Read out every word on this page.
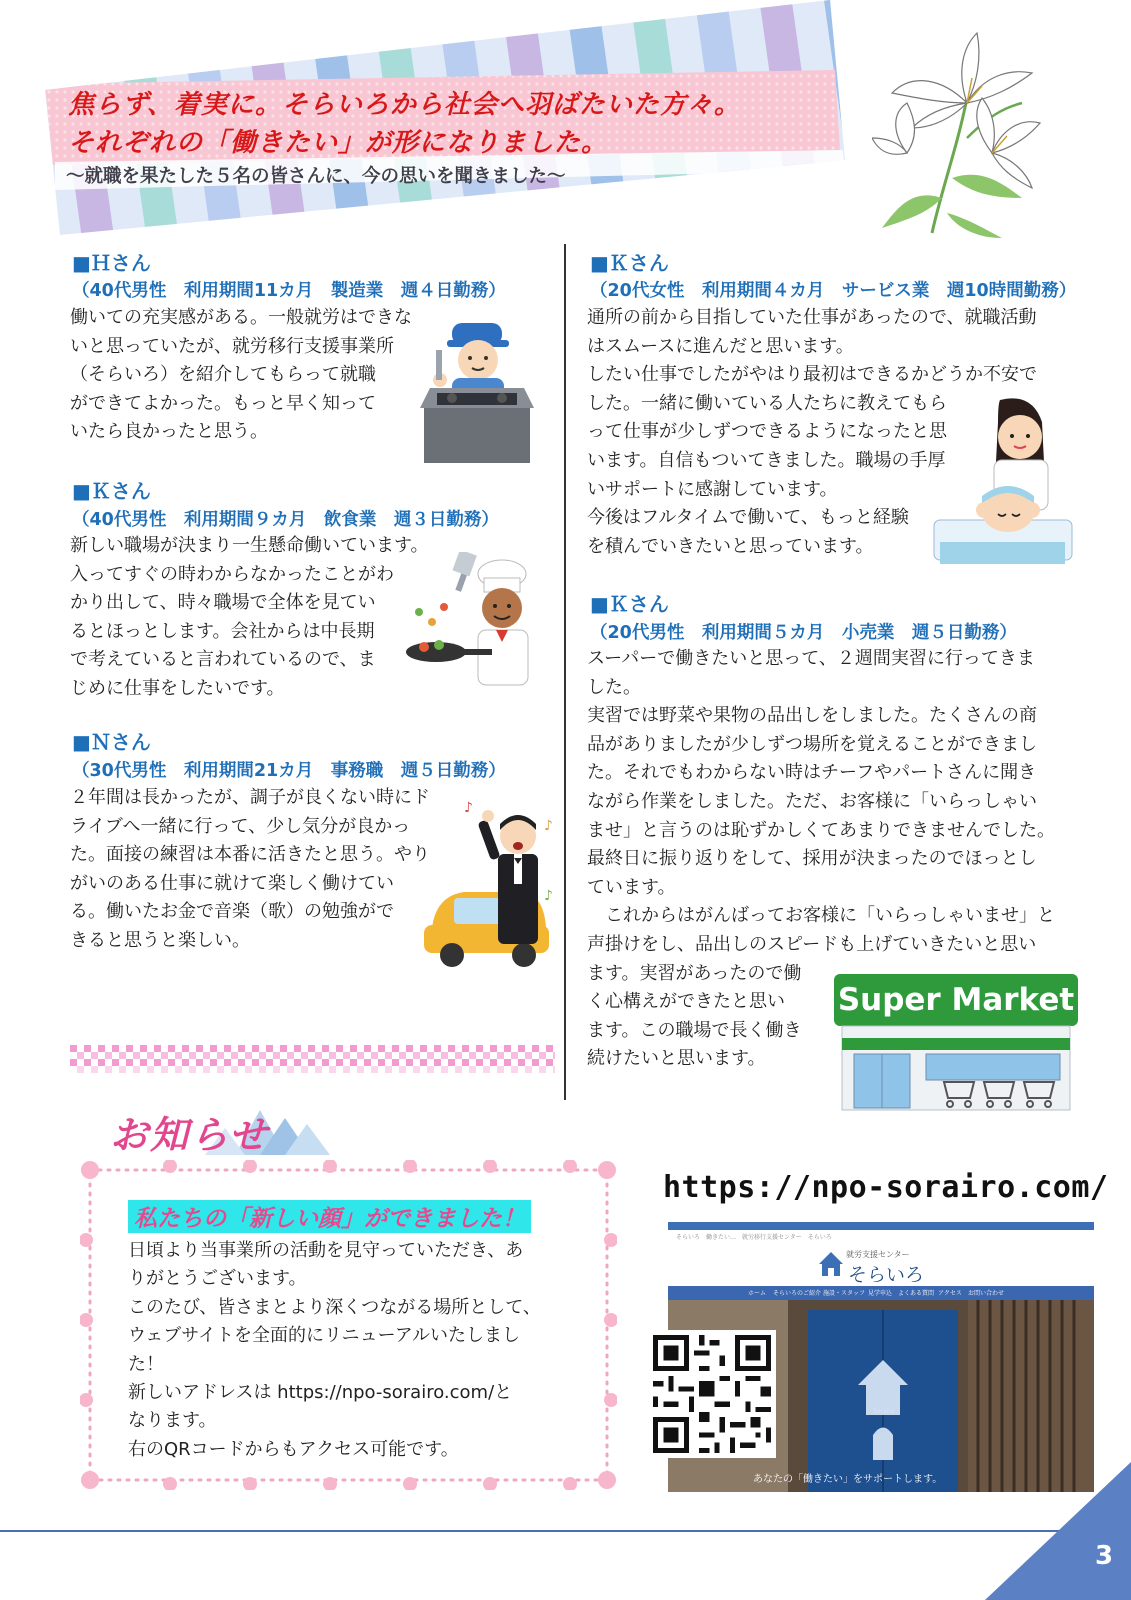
焦らず、着実に。そらいろから社会へ羽ばたいた方々。
それぞれの「働きたい」が形になりました。
～就職を果たした５名の皆さんに、今の思いを聞きました～
■Ｈさん
（40代男性　利用期間11カ月　製造業　週４日勤務）
働いての充実感がある。一般就労はできな
いと思っていたが、就労移行支援事業所
（そらいろ）を紹介してもらって就職
ができてよかった。もっと早く知って
いたら良かったと思う。
■Ｋさん
（40代男性　利用期間９カ月　飲食業　週３日勤務）
新しい職場が決まり一生懸命働いています。
入ってすぐの時わからなかったことがわ
かり出して、時々職場で全体を見てい
るとほっとします。会社からは中長期
で考えていると言われているので、ま
じめに仕事をしたいです。
■Ｎさん
（30代男性　利用期間21カ月　事務職　週５日勤務）
２年間は長かったが、調子が良くない時にド
ライブへ一緒に行って、少し気分が良かっ
た。面接の練習は本番に活きたと思う。やり
がいのある仕事に就けて楽しく働けてい
る。働いたお金で音楽（歌）の勉強がで
きると思うと楽しい。
♪
♪
♪
■Ｋさん
（20代女性　利用期間４カ月　サービス業　週10時間勤務）
通所の前から目指していた仕事があったので、就職活動
はスムースに進んだと思います。
したい仕事でしたがやはり最初はできるかどうか不安で
した。一緒に働いている人たちに教えてもら
って仕事が少しずつできるようになったと思
います。自信もついてきました。職場の手厚
いサポートに感謝しています。
今後はフルタイムで働いて、もっと経験
を積んでいきたいと思っています。
■Ｋさん
（20代男性　利用期間５カ月　小売業　週５日勤務）
スーパーで働きたいと思って、２週間実習に行ってきま
した。
実習では野菜や果物の品出しをしました。たくさんの商
品がありましたが少しずつ場所を覚えることができまし
た。それでもわからない時はチーフやパートさんに聞き
ながら作業をしました。ただ、お客様に「いらっしゃい
ませ」と言うのは恥ずかしくてあまりできませんでした。
最終日に振り返りをして、採用が決まったのでほっとし
ています。
　これからはがんばってお客様に「いらっしゃいませ」と
声掛けをし、品出しのスピードも上げていきたいと思い
ます。実習があったので働
く心構えができたと思い
ます。この職場で長く働き
続けたいと思います。
Super Market
お知らせ
私たちの「新しい顔」ができました！
日頃より当事業所の活動を見守っていただき、あ
りがとうございます。
このたび、皆さまとより深くつながる場所として、
ウェブサイトを全面的にリニューアルいたしまし
た！
新しいアドレスは https://npo-sorairo.com/と
なります。
右のQRコードからもアクセス可能です。
https://npo-sorairo.com/
そらいろ　働きたい…　就労移行支援センター　そらいろ
就労支援センター
そらいろ
ホーム そらいろのご紹介 施設・スタッフ 見学申込 よくある質問 アクセス お問い合わせ
Sorairo
あなたの「働きたい」をサポートします。
3
